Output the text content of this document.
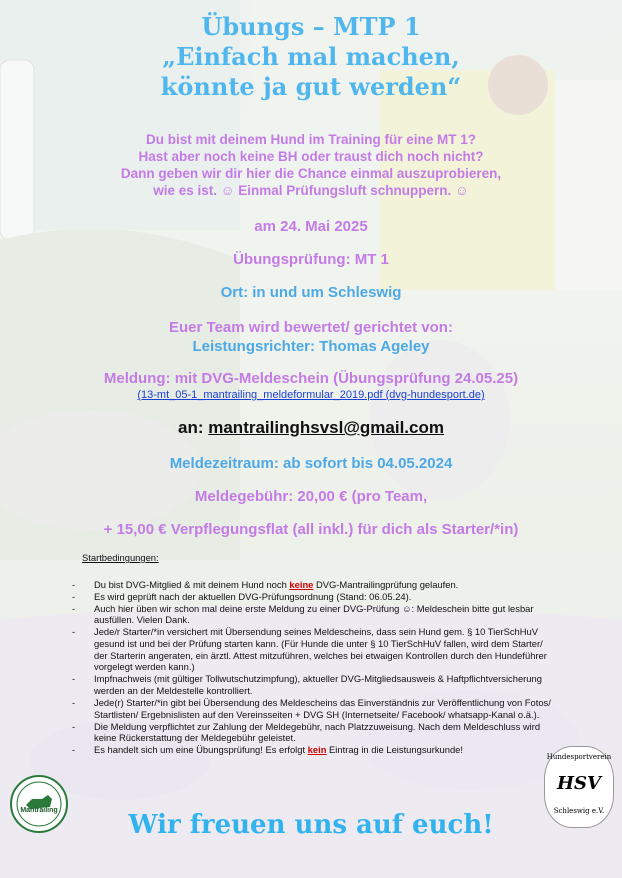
Übungs – MTP 1
„Einfach mal machen,
könnte ja gut werden“
Du bist mit deinem Hund im Training für eine MT 1?
Hast aber noch keine BH oder traust dich noch nicht?
Dann geben wir dir hier die Chance einmal auszuprobieren,
wie es ist. ☺ Einmal Prüfungsluft schnuppern. ☺
am 24. Mai 2025
Übungsprüfung: MT 1
Ort: in und um Schleswig
Euer Team wird bewertet/ gerichtet von:
Leistungsrichter: Thomas Ageley
Meldung: mit DVG-Meldeschein (Übungsprüfung 24.05.25)
(13-mt_05-1_mantrailing_meldeformular_2019.pdf (dvg-hundesport.de)
an: mantrailinghsvsl@gmail.com
Meldezeitraum: ab sofort bis 04.05.2024
Meldegebühr: 20,00 € (pro Team,
+ 15,00 € Verpflegungsflat (all inkl.) für dich als Starter/*in)
Startbedingungen:
- Du bist DVG-Mitglied & mit deinem Hund noch keine DVG-Mantrailingprüfung gelaufen.
- Es wird geprüft nach der aktuellen DVG-Prüfungsordnung (Stand: 06.05.24).
- Auch hier üben wir schon mal deine erste Meldung zu einer DVG-Prüfung ☺: Meldeschein bitte gut lesbar ausfüllen. Vielen Dank.
- Jede/r Starter/*in versichert mit Übersendung seines Meldescheins, dass sein Hund gem. § 10 TierSchHuV gesund ist und bei der Prüfung starten kann. (Für Hunde die unter § 10 TierSchHuV fallen, wird dem Starter/ der Starterin angeraten, ein ärztl. Attest mitzuführen, welches bei etwaigen Kontrollen durch den Hundeführer vorgelegt werden kann.)
- Impfnachweis (mit gültiger Tollwutschutzimpfung), aktueller DVG-Mitgliedsausweis & Haftpflichtversicherung werden an der Meldestelle kontrolliert.
- Jede(r) Starter/*in gibt bei Übersendung des Meldescheins das Einverständnis zur Veröffentlichung von Fotos/ Startlisten/ Ergebnislisten auf den Vereinsseiten + DVG SH (Internetseite/ Facebook/ whatsapp-Kanal o.ä.).
- Die Meldung verpflichtet zur Zahlung der Meldegebühr, nach Platzzuweisung. Nach dem Meldeschluss wird keine Rückerstattung der Meldegebühr geleistet.
- Es handelt sich um eine Übungsprüfung! Es erfolgt kein Eintrag in die Leistungsurkunde!
Mantrailing
Hundesportverein
HSV
Schleswig e.V.
Wir freuen uns auf euch!
